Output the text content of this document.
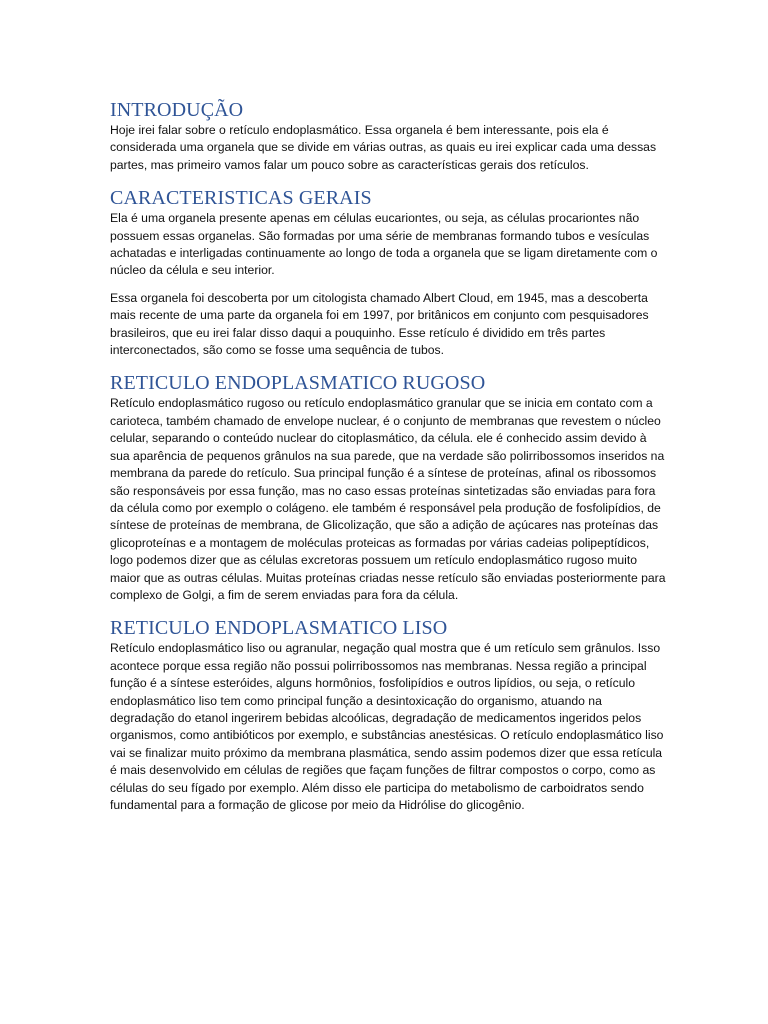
INTRODUÇÃO

Hoje irei falar sobre o retículo endoplasmático. Essa organela é bem interessante, pois ela é considerada uma organela que se divide em várias outras, as quais eu irei explicar cada uma dessas partes, mas primeiro vamos falar um pouco sobre as características gerais dos retículos.

CARACTERISTICAS GERAIS

Ela é uma organela presente apenas em células eucariontes, ou seja, as células procariontes não possuem essas organelas. São formadas por uma série de membranas formando tubos e vesículas achatadas e interligadas continuamente ao longo de toda a organela que se ligam diretamente com o núcleo da célula e seu interior.

Essa organela foi descoberta por um citologista chamado Albert Cloud, em 1945, mas a descoberta mais recente de uma parte da organela foi em 1997, por britânicos em conjunto com pesquisadores brasileiros, que eu irei falar disso daqui a pouquinho. Esse retículo é dividido em três partes interconectados, são como se fosse uma sequência de tubos.

RETICULO ENDOPLASMATICO RUGOSO

Retículo endoplasmático rugoso ou retículo endoplasmático granular que se inicia em contato com a carioteca, também chamado de envelope nuclear, é o conjunto de membranas que revestem o núcleo celular, separando o conteúdo nuclear do citoplasmático, da célula. ele é conhecido assim devido à sua aparência de pequenos grânulos na sua parede, que na verdade são polirribossomos inseridos na membrana da parede do retículo. Sua principal função é a síntese de proteínas, afinal os ribossomos são responsáveis por essa função, mas no caso essas proteínas sintetizadas são enviadas para fora da célula como por exemplo o colágeno. ele também é responsável pela produção de fosfolipídios, de síntese de proteínas de membrana, de Glicolização, que são a adição de açúcares nas proteínas das glicoproteínas e a montagem de moléculas proteicas as formadas por várias cadeias polipeptídicos, logo podemos dizer que as células excretoras possuem um retículo endoplasmático rugoso muito maior que as outras células. Muitas proteínas criadas nesse retículo são enviadas posteriormente para complexo de Golgi, a fim de serem enviadas para fora da célula.

RETICULO ENDOPLASMATICO LISO

Retículo endoplasmático liso ou agranular, negação qual mostra que é um retículo sem grânulos. Isso acontece porque essa região não possui polirribossomos nas membranas. Nessa região a principal função é a síntese esteróides, alguns hormônios, fosfolipídios e outros lipídios, ou seja, o retículo endoplasmático liso tem como principal função a desintoxicação do organismo, atuando na degradação do etanol ingerirem bebidas alcoólicas, degradação de medicamentos ingeridos pelos organismos, como antibióticos por exemplo, e substâncias anestésicas. O retículo endoplasmático liso vai se finalizar muito próximo da membrana plasmática, sendo assim podemos dizer que essa retícula é mais desenvolvido em células de regiões que façam funções de filtrar compostos o corpo, como as células do seu fígado por exemplo. Além disso ele participa do metabolismo de carboidratos sendo fundamental para a formação de glicose por meio da Hidrólise do glicogênio.
